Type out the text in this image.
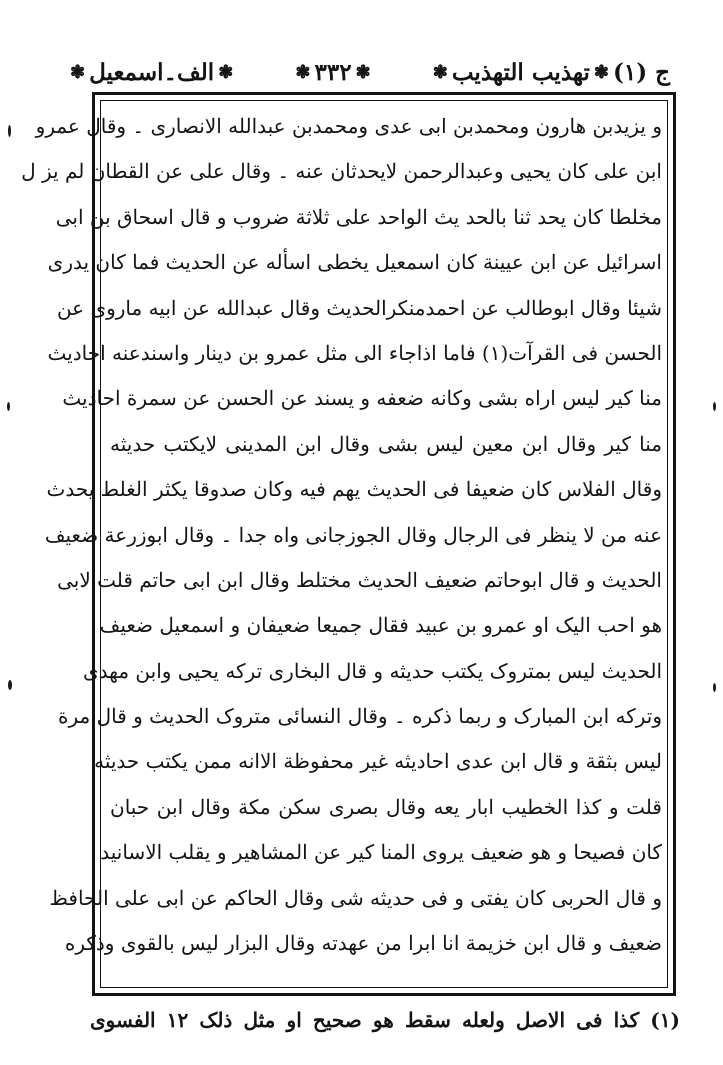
ج (۱)
❃
تهذیب التهذیب
❃
❃
۳۳۲
❃
❃
الف۔اسمعیل
❃
و یزیدبن هارون ومحمدبن ابی عدی ومحمدبن عبدالله الانصاری ۔ وقال عمرو
ابن علی کان یحیی وعبدالرحمن لایحدثان عنه ۔ وقال علی عن القطان لم یز ل
مخلطا کان یحد ثنا بالحد یث الواحد علی ثلاثة ضروب و قال اسحاق بن ابی
اسرائیل عن ابن عیینة کان اسمعیل یخطی اسأله عن الحدیث فما کان یدری
شیئا وقال ابوطالب عن احمدمنکرالحدیث وقال عبدالله عن ابیه ماروی عن
الحسن فی القرآت(۱) فاما اذاجاء الی مثل عمرو بن دینار واسندعنه احادیث
منا کیر لیس اراه بشی وکانه ضعفه و یسند عن الحسن عن سمرة احادیث
منا کیر وقال ابن معین لیس بشی وقال ابن المدینی لایکتب حدیثه
وقال الفلاس کان ضعیفا فی الحدیث یهم فیه وکان صدوقا یکثر الغلط یحدث
عنه من لا ینظر فی الرجال وقال الجوزجانی واه جدا ۔ وقال ابوزرعة ضعیف
الحدیث و قال ابوحاتم ضعیف الحدیث مختلط وقال ابن ابی حاتم قلت لابی
هو احب الیک او عمرو بن عبید فقال جمیعا ضعیفان و اسمعیل ضعیف
الحدیث لیس بمتروک یکتب حدیثه و قال البخاری ترکه یحیی وابن مهدی
وترکه ابن المبارک و ربما ذکره ۔ وقال النسائی متروک الحدیث و قال مرة
لیس بثقة و قال ابن عدی احادیثه غیر محفوظة الاانه ممن یکتب حدیثه
قلت و کذا الخطیب ابار یعه وقال بصری سکن مکة وقال ابن حبان
کان فصیحا و هو ضعیف یروی المنا کیر عن المشاهیر و یقلب الاسانید
و قال الحربی کان یفتی و فی حدیثه شی وقال الحاکم عن ابی علی الحافظ
ضعیف و قال ابن خزیمة انا ابرا من عهدته وقال البزار لیس بالقوی وذکره
(۱) کذا فی الاصل ولعله سقط هو صحیح او مثل ذلک ۱۲ الفسوی
